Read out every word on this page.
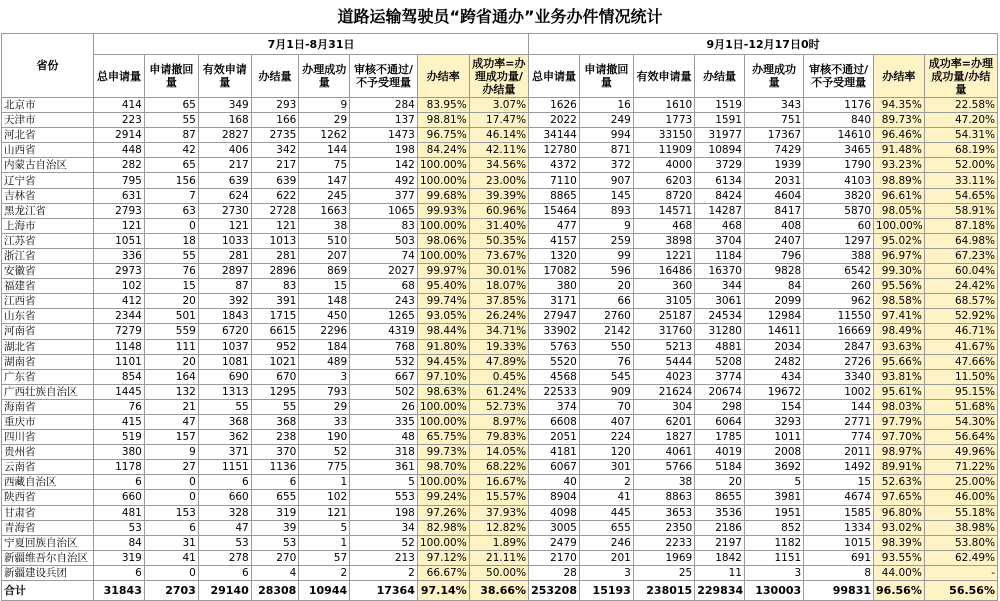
道路运输驾驶员“跨省通办”业务办件情况统计
省份	7月1日-8月31日								9月1日-12月17日0时							
	总申请量	申请撤回量	有效申请量	办结量	办理成功量	审核不通过/不予受理量	办结率	成功率=办理成功量/办结量	总申请量	申请撤回量	有效申请量	办结量	办理成功量	审核不通过/不予受理量	办结率	成功率=办理成功量/办结量
北京市	414	65	349	293	9	284	83.95%	3.07%	1626	16	1610	1519	343	1176	94.35%	22.58%
天津市	223	55	168	166	29	137	98.81%	17.47%	2022	249	1773	1591	751	840	89.73%	47.20%
河北省	2914	87	2827	2735	1262	1473	96.75%	46.14%	34144	994	33150	31977	17367	14610	96.46%	54.31%
山西省	448	42	406	342	144	198	84.24%	42.11%	12780	871	11909	10894	7429	3465	91.48%	68.19%
内蒙古自治区	282	65	217	217	75	142	100.00%	34.56%	4372	372	4000	3729	1939	1790	93.23%	52.00%
辽宁省	795	156	639	639	147	492	100.00%	23.00%	7110	907	6203	6134	2031	4103	98.89%	33.11%
吉林省	631	7	624	622	245	377	99.68%	39.39%	8865	145	8720	8424	4604	3820	96.61%	54.65%
黑龙江省	2793	63	2730	2728	1663	1065	99.93%	60.96%	15464	893	14571	14287	8417	5870	98.05%	58.91%
上海市	121	0	121	121	38	83	100.00%	31.40%	477	9	468	468	408	60	100.00%	87.18%
江苏省	1051	18	1033	1013	510	503	98.06%	50.35%	4157	259	3898	3704	2407	1297	95.02%	64.98%
浙江省	336	55	281	281	207	74	100.00%	73.67%	1320	99	1221	1184	796	388	96.97%	67.23%
安徽省	2973	76	2897	2896	869	2027	99.97%	30.01%	17082	596	16486	16370	9828	6542	99.30%	60.04%
福建省	102	15	87	83	15	68	95.40%	18.07%	380	20	360	344	84	260	95.56%	24.42%
江西省	412	20	392	391	148	243	99.74%	37.85%	3171	66	3105	3061	2099	962	98.58%	68.57%
山东省	2344	501	1843	1715	450	1265	93.05%	26.24%	27947	2760	25187	24534	12984	11550	97.41%	52.92%
河南省	7279	559	6720	6615	2296	4319	98.44%	34.71%	33902	2142	31760	31280	14611	16669	98.49%	46.71%
湖北省	1148	111	1037	952	184	768	91.80%	19.33%	5763	550	5213	4881	2034	2847	93.63%	41.67%
湖南省	1101	20	1081	1021	489	532	94.45%	47.89%	5520	76	5444	5208	2482	2726	95.66%	47.66%
广东省	854	164	690	670	3	667	97.10%	0.45%	4568	545	4023	3774	434	3340	93.81%	11.50%
广西壮族自治区	1445	132	1313	1295	793	502	98.63%	61.24%	22533	909	21624	20674	19672	1002	95.61%	95.15%
海南省	76	21	55	55	29	26	100.00%	52.73%	374	70	304	298	154	144	98.03%	51.68%
重庆市	415	47	368	368	33	335	100.00%	8.97%	6608	407	6201	6064	3293	2771	97.79%	54.30%
四川省	519	157	362	238	190	48	65.75%	79.83%	2051	224	1827	1785	1011	774	97.70%	56.64%
贵州省	380	9	371	370	52	318	99.73%	14.05%	4181	120	4061	4019	2008	2011	98.97%	49.96%
云南省	1178	27	1151	1136	775	361	98.70%	68.22%	6067	301	5766	5184	3692	1492	89.91%	71.22%
西藏自治区	6	0	6	6	1	5	100.00%	16.67%	40	2	38	20	5	15	52.63%	25.00%
陕西省	660	0	660	655	102	553	99.24%	15.57%	8904	41	8863	8655	3981	4674	97.65%	46.00%
甘肃省	481	153	328	319	121	198	97.26%	37.93%	4098	445	3653	3536	1951	1585	96.80%	55.18%
青海省	53	6	47	39	5	34	82.98%	12.82%	3005	655	2350	2186	852	1334	93.02%	38.98%
宁夏回族自治区	84	31	53	53	1	52	100.00%	1.89%	2479	246	2233	2197	1182	1015	98.39%	53.80%
新疆维吾尔自治区	319	41	278	270	57	213	97.12%	21.11%	2170	201	1969	1842	1151	691	93.55%	62.49%
新疆建设兵团	6	0	6	4	2	2	66.67%	50.00%	28	3	25	11	3	8	44.00%	-
合计	31843	2703	29140	28308	10944	17364	97.14%	38.66%	253208	15193	238015	229834	130003	99831	96.56%	56.56%
